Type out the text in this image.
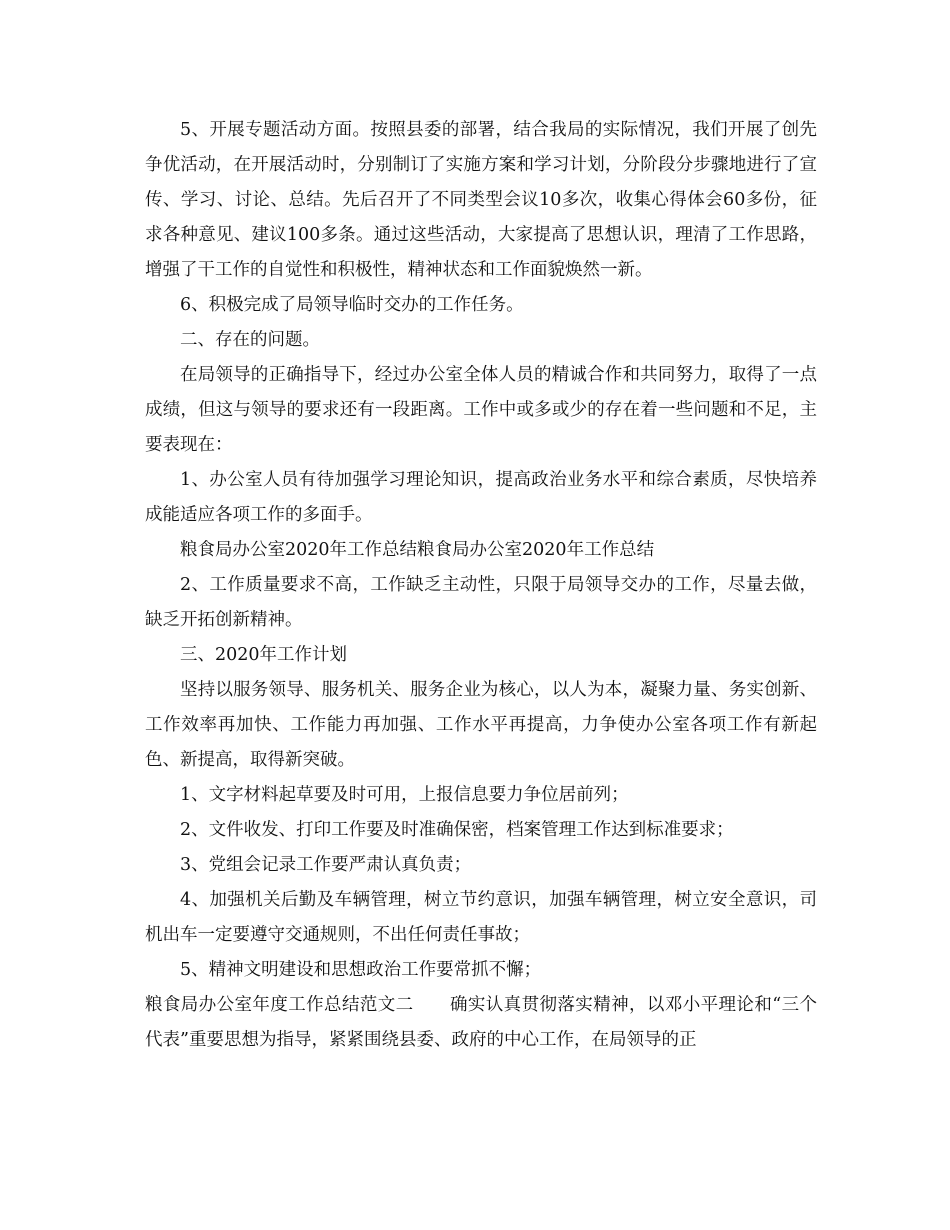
5、开展专题活动方面。按照县委的部署，结合我局的实际情况，我们开展了创先争优活动，在开展活动时，分别制订了实施方案和学习计划，分阶段分步骤地进行了宣传、学习、讨论、总结。先后召开了不同类型会议10多次，收集心得体会60多份，征求各种意见、建议100多条。通过这些活动，大家提高了思想认识，理清了工作思路，增强了干工作的自觉性和积极性，精神状态和工作面貌焕然一新。

6、积极完成了局领导临时交办的工作任务。

二、存在的问题。

在局领导的正确指导下，经过办公室全体人员的精诚合作和共同努力，取得了一点成绩，但这与领导的要求还有一段距离。工作中或多或少的存在着一些问题和不足，主要表现在：

1、办公室人员有待加强学习理论知识，提高政治业务水平和综合素质，尽快培养成能适应各项工作的多面手。

粮食局办公室2020年工作总结粮食局办公室2020年工作总结

2、工作质量要求不高，工作缺乏主动性，只限于局领导交办的工作，尽量去做，缺乏开拓创新精神。

三、2020年工作计划

坚持以服务领导、服务机关、服务企业为核心，以人为本，凝聚力量、务实创新、工作效率再加快、工作能力再加强、工作水平再提高，力争使办公室各项工作有新起色、新提高，取得新突破。

1、文字材料起草要及时可用，上报信息要力争位居前列；

2、文件收发、打印工作要及时准确保密，档案管理工作达到标准要求；

3、党组会记录工作要严肃认真负责；

4、加强机关后勤及车辆管理，树立节约意识，加强车辆管理，树立安全意识，司机出车一定要遵守交通规则，不出任何责任事故；

5、精神文明建设和思想政治工作要常抓不懈；

粮食局办公室年度工作总结范文二 确实认真贯彻落实精神，以邓小平理论和“三个代表”重要思想为指导，紧紧围绕县委、政府的中心工作，在局领导的正
